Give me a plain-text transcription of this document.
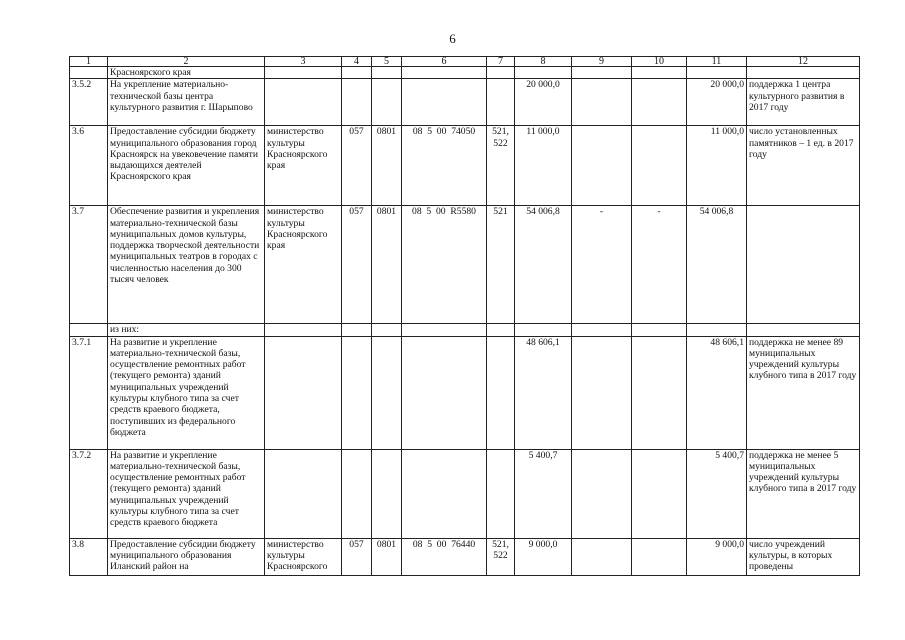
6
1	2	3	4	5	6	7	8	9	10	11	12
	Красноярского края										
3.5.2	На укрепление материально-технической базы центра культурного развития г. Шарыпово						20 000,0			20 000,0	поддержка 1 центра культурного развития в 2017 году
3.6	Предоставление субсидии бюджету муниципального образования город Красноярск на увековечение памяти выдающихся деятелей Красноярского края	министерство культуры Красноярского края	057	0801	08  5  00  74050	521, 522	11 000,0			11 000,0	число установленных памятников – 1 ед. в 2017 году
3.7	Обеспечение развития и укрепления материально-технической базы муниципальных домов культуры, поддержка творческой деятельности муниципальных театров в городах с численностью населения до 300 тысяч человек	министерство культуры Красноярского края	057	0801	08  5  00  R5580	521	54 006,8	-	-	54 006,8	
	из них:										
3.7.1	На развитие и укрепление материально-технической базы, осуществление ремонтных работ (текущего ремонта) зданий муниципальных учреждений культуры клубного типа за счет средств краевого бюджета, поступивших из федерального бюджета						48 606,1			48 606,1	поддержка не менее 89 муниципальных учреждений культуры клубного типа в 2017 году
3.7.2	На развитие и укрепление материально-технической базы, осуществление ремонтных работ (текущего ремонта) зданий муниципальных учреждений культуры клубного типа за счет средств краевого бюджета						5 400,7			5 400,7	поддержка не менее 5 муниципальных учреждений культуры клубного типа в 2017 году
3.8	Предоставление субсидии бюджету муниципального образования Иланский район на	министерство культуры Красноярского	057	0801	08  5  00  76440	521, 522	9 000,0			9 000,0	число учреждений культуры, в которых проведены
